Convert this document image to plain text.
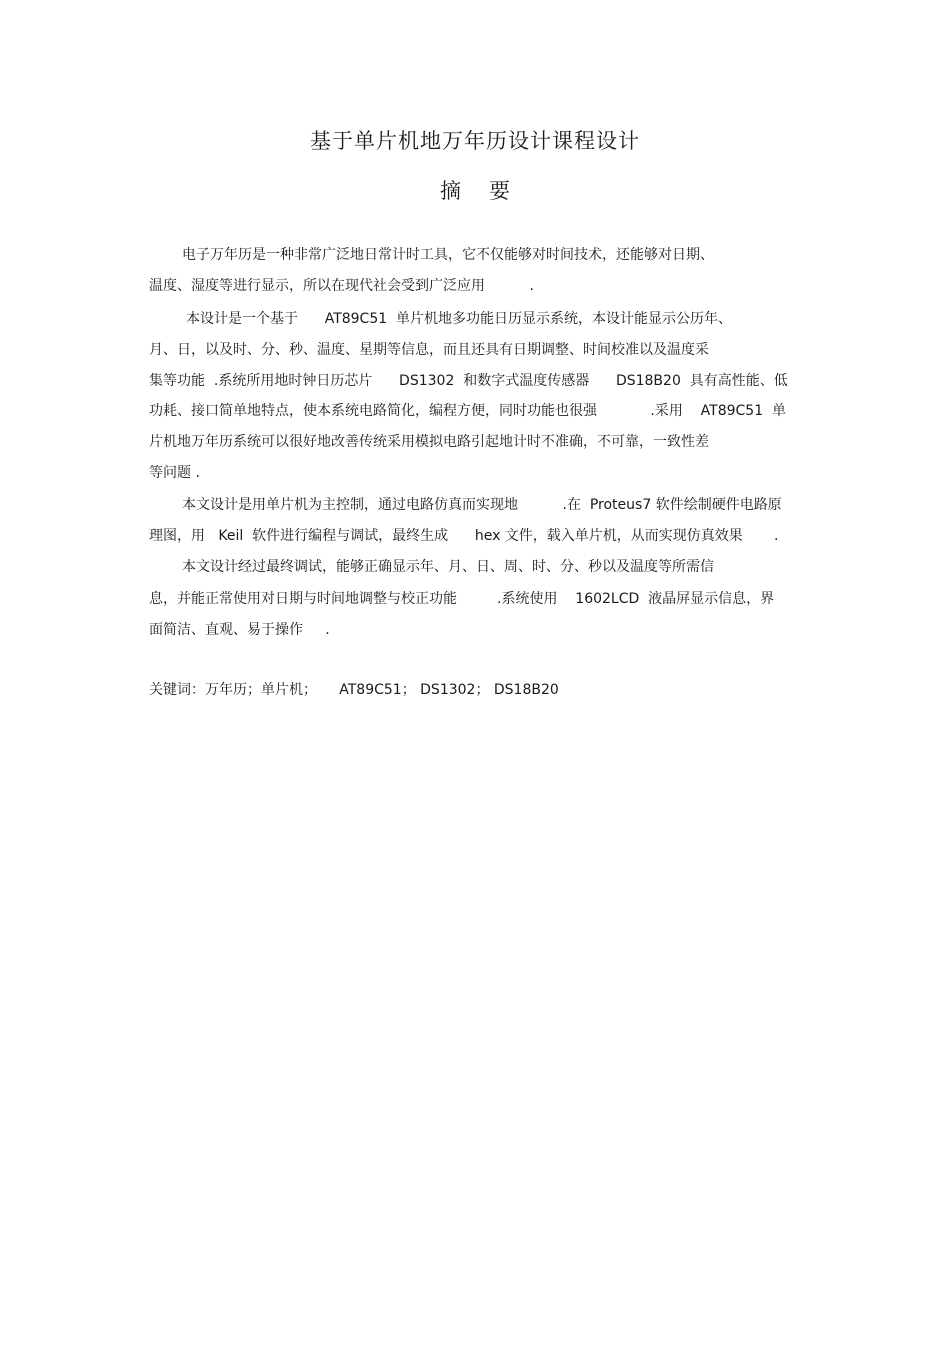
基于单片机地万年历设计课程设计
摘要
电子万年历是一种非常广泛地日常计时工具，它不仅能够对时间技术，还能够对日期、
温度、湿度等进行显示，所以在现代社会受到广泛应用          .
本设计是一个基于      AT89C51  单片机地多功能日历显示系统，本设计能显示公历年、
月、日，以及时、分、秒、温度、星期等信息，而且还具有日期调整、时间校准以及温度采
集等功能  .系统所用地时钟日历芯片      DS1302  和数字式温度传感器      DS18B20  具有高性能、低
功耗、接口简单地特点，使本系统电路简化，编程方便，同时功能也很强            .采用    AT89C51  单
片机地万年历系统可以很好地改善传统采用模拟电路引起地计时不准确，不可靠，一致性差
等问题 .
本文设计是用单片机为主控制，通过电路仿真而实现地          .在  Proteus7 软件绘制硬件电路原
理图，用   Keil  软件进行编程与调试，最终生成      hex 文件，载入单片机，从而实现仿真效果       .
本文设计经过最终调试，能够正确显示年、月、日、周、时、分、秒以及温度等所需信
息，并能正常使用对日期与时间地调整与校正功能         .系统使用    1602LCD  液晶屏显示信息，界
面简洁、直观、易于操作     .
关键词：万年历；单片机；     AT89C51； DS1302； DS18B20
